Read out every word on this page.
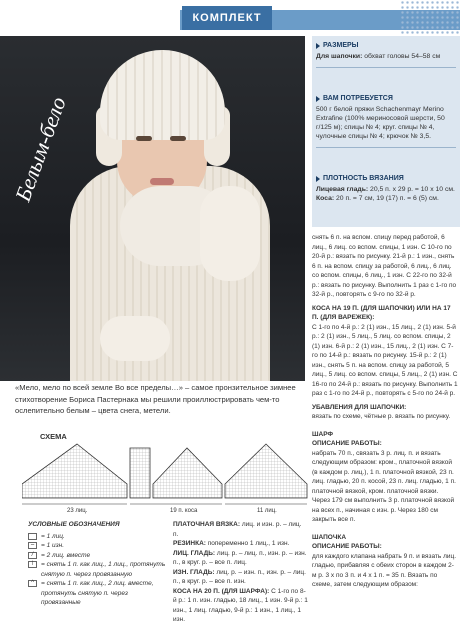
КОМПЛЕКТ
Белым-бело
«Мело, мело по всей земле Во все пределы…» – самое пронзительное зимнее стихотворение Бориса Пастернака мы решили проиллюстрировать чем-то ослепительно белым – цвета снега, метели.
РАЗМЕРЫ
Для шапочки: обхват головы 54–58 см
ВАМ ПОТРЕБУЕТСЯ
500 г белой пряжи Schachenmayr Merino Extrafine (100% мериносовой шерсти, 50 г/125 м); спицы № 4; круг. спицы № 4, чулочные спицы № 4; крючок № 3,5.
ПЛОТНОСТЬ ВЯЗАНИЯ
Лицевая гладь: 20,5 п. х 29 р. = 10 х 10 см. Коса: 20 п. = 7 см, 19 (17) п. = 6 (5) см.

снять 6 п. на вспом. спицу перед работой, 6 лиц., 6 лиц. со вспом. спицы, 1 изн. С 10-го по 20-й р.: вязать по рисунку. 21-й р.: 1 изн., снять 6 п. на вспом. спицу за работой, 6 лиц., 6 лиц. со вспом. спицы, 6 лиц., 1 изн. С 22-го по 32-й р.: вязать по рисунку. Выполнить 1 раз с 1-го по 32-й р., повторять с 9-го по 32-й р.

КОСА НА 19 П. (ДЛЯ ШАПОЧКИ) ИЛИ НА 17 П. (ДЛЯ ВАРЕЖЕК):

С 1-го по 4-й р.: 2 (1) изн., 15 лиц., 2 (1) изн. 5-й р.: 2 (1) изн., 5 лиц., 5 лиц. со вспом. спицы, 2 (1) изн. 6-й р.: 2 (1) изн., 15 лиц., 2 (1) изн. С 7-го по 14-й р.: вязать по рисунку. 15-й р.: 2 (1) изн., снять 5 п. на вспом. спицу за работой, 5 лиц., 5 лиц. со вспом. спицы, 5 лиц., 2 (1) изн. С 16-го по 24-й р.: вязать по рисунку. Выполнить 1 раз с 1-го по 24-й р., повторять с 5-го по 24-й р.

УБАВЛЕНИЯ ДЛЯ ШАПОЧКИ:

вязать по схеме, чётные р. вязать по рисунку.

ШАРФ

ОПИСАНИЕ РАБОТЫ:

набрать 70 п., связать 3 р. лиц. п. и вязать следующим образом: кром., платочной вязкой (в каждом р. лиц.), 1 п. платочной вязкой, 23 п. лиц. гладью, 20 п. косой, 23 п. лиц. гладью, 1 п. платочной вязкой, кром. платочной вязки. Через 179 см выполнить 3 р. платочной вязкой на всех п., начиная с изн. р. Через 180 см закрыть все п.

ШАПОЧКА

ОПИСАНИЕ РАБОТЫ:

для каждого клапана набрать 9 п. и вязать лиц. гладью, прибавляя с обеих сторон в каждом 2-м р. 3 х по 3 п. и 4 х 1 п. = 35 п. Вязать по схеме, затем следующим образом:

СХЕМА
23 лиц.	19 п. коса	11 лиц.
УСЛОВНЫЕ ОБОЗНАЧЕНИЯ
= 1 лиц.
–	= 1 изн.
/	= 2 лиц. вместе
\	= снять 1 п. как лиц., 1 лиц., протянуть снятую п. через провязанную
^	= снять 1 п. как лиц., 2 лиц. вместе, протянуть снятую п. через провязанные
ПЛАТОЧНАЯ ВЯЗКА: лиц. и изн. р. – лиц. п.
РЕЗИНКА: попеременно 1 лиц., 1 изн.
ЛИЦ. ГЛАДЬ: лиц. р. – лиц. п., изн. р. – изн. п., в круг. р. – все п. лиц.
ИЗН. ГЛАДЬ: лиц. р. – изн. п., изн. р. – лиц. п., в круг. р. – все п. изн.
КОСА НА 20 П. (ДЛЯ ШАРФА): С 1-го по 8-й р.: 1 п. изн. гладью, 18 лиц., 1 изн. 9-й р.: 1 изн., 1 лиц. гладью, 9-й р.: 1 изн., 1 лиц., 1 изн.
